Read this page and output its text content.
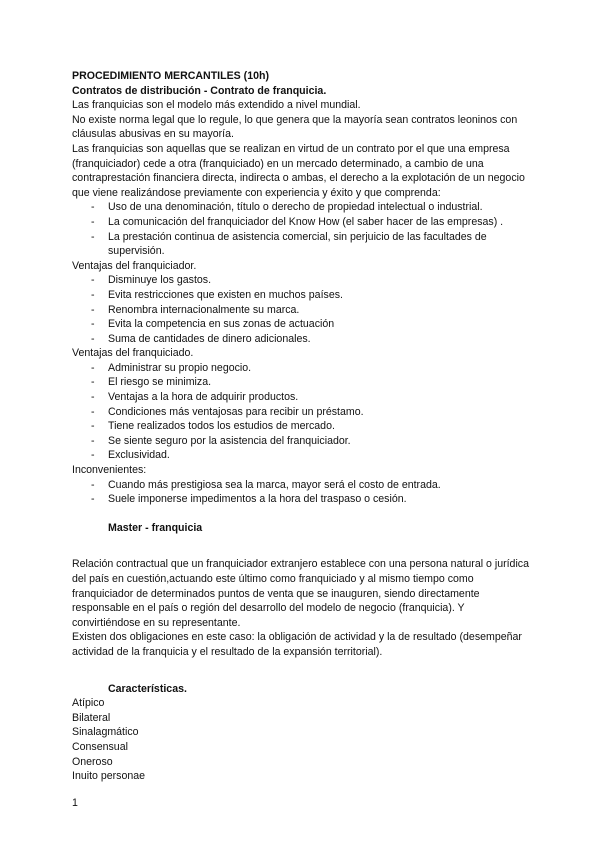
PROCEDIMIENTO MERCANTILES (10h)

Contratos de distribución - Contrato de franquicia.

Las franquicias son el modelo más extendido a nivel mundial.

No existe norma legal que lo regule, lo que genera que la mayoría sean contratos leoninos con cláusulas abusivas en su mayoría.

Las franquicias son aquellas que se realizan en virtud de un contrato por el que una empresa (franquiciador) cede a otra (franquiciado) en un mercado determinado, a cambio de una contraprestación financiera directa, indirecta o ambas, el derecho a la explotación de un negocio que viene realizándose previamente con experiencia y éxito y que comprenda:

- Uso de una denominación, título o derecho de propiedad intelectual o industrial.
- La comunicación del franquiciador del Know How (el saber hacer de las empresas) .
- La prestación continua de asistencia comercial, sin perjuicio de las facultades de supervisión.

Ventajas del franquiciador.

- Disminuye los gastos.
- Evita restricciones que existen en muchos países.
- Renombra internacionalmente su marca.
- Evita la competencia en sus zonas de actuación
- Suma de cantidades de dinero adicionales.

Ventajas del franquiciado.

- Administrar su propio negocio.
- El riesgo se minimiza.
- Ventajas a la hora de adquirir productos.
- Condiciones más ventajosas para recibir un préstamo.
- Tiene realizados todos los estudios de mercado.
- Se siente seguro por la asistencia del franquiciador.
- Exclusividad.

Inconvenientes:

- Cuando más prestigiosa sea la marca, mayor será el costo de entrada.
- Suele imponerse impedimentos a la hora del traspaso o cesión.

Master - franquicia

Relación contractual que un franquiciador extranjero establece con una persona natural o jurídica del país en cuestión,actuando este último como franquiciado y al mismo tiempo como franquiciador de determinados puntos de venta que se inauguren, siendo directamente responsable en el país o región del desarrollo del modelo de negocio (franquicia). Y convirtiéndose en su representante.

Existen dos obligaciones en este caso: la obligación de actividad y la de resultado (desempeñar actividad de la franquicia y el resultado de la expansión territorial).

Características.

Atípico

Bilateral

Sinalagmático

Consensual

Oneroso

Inuito personae

1
